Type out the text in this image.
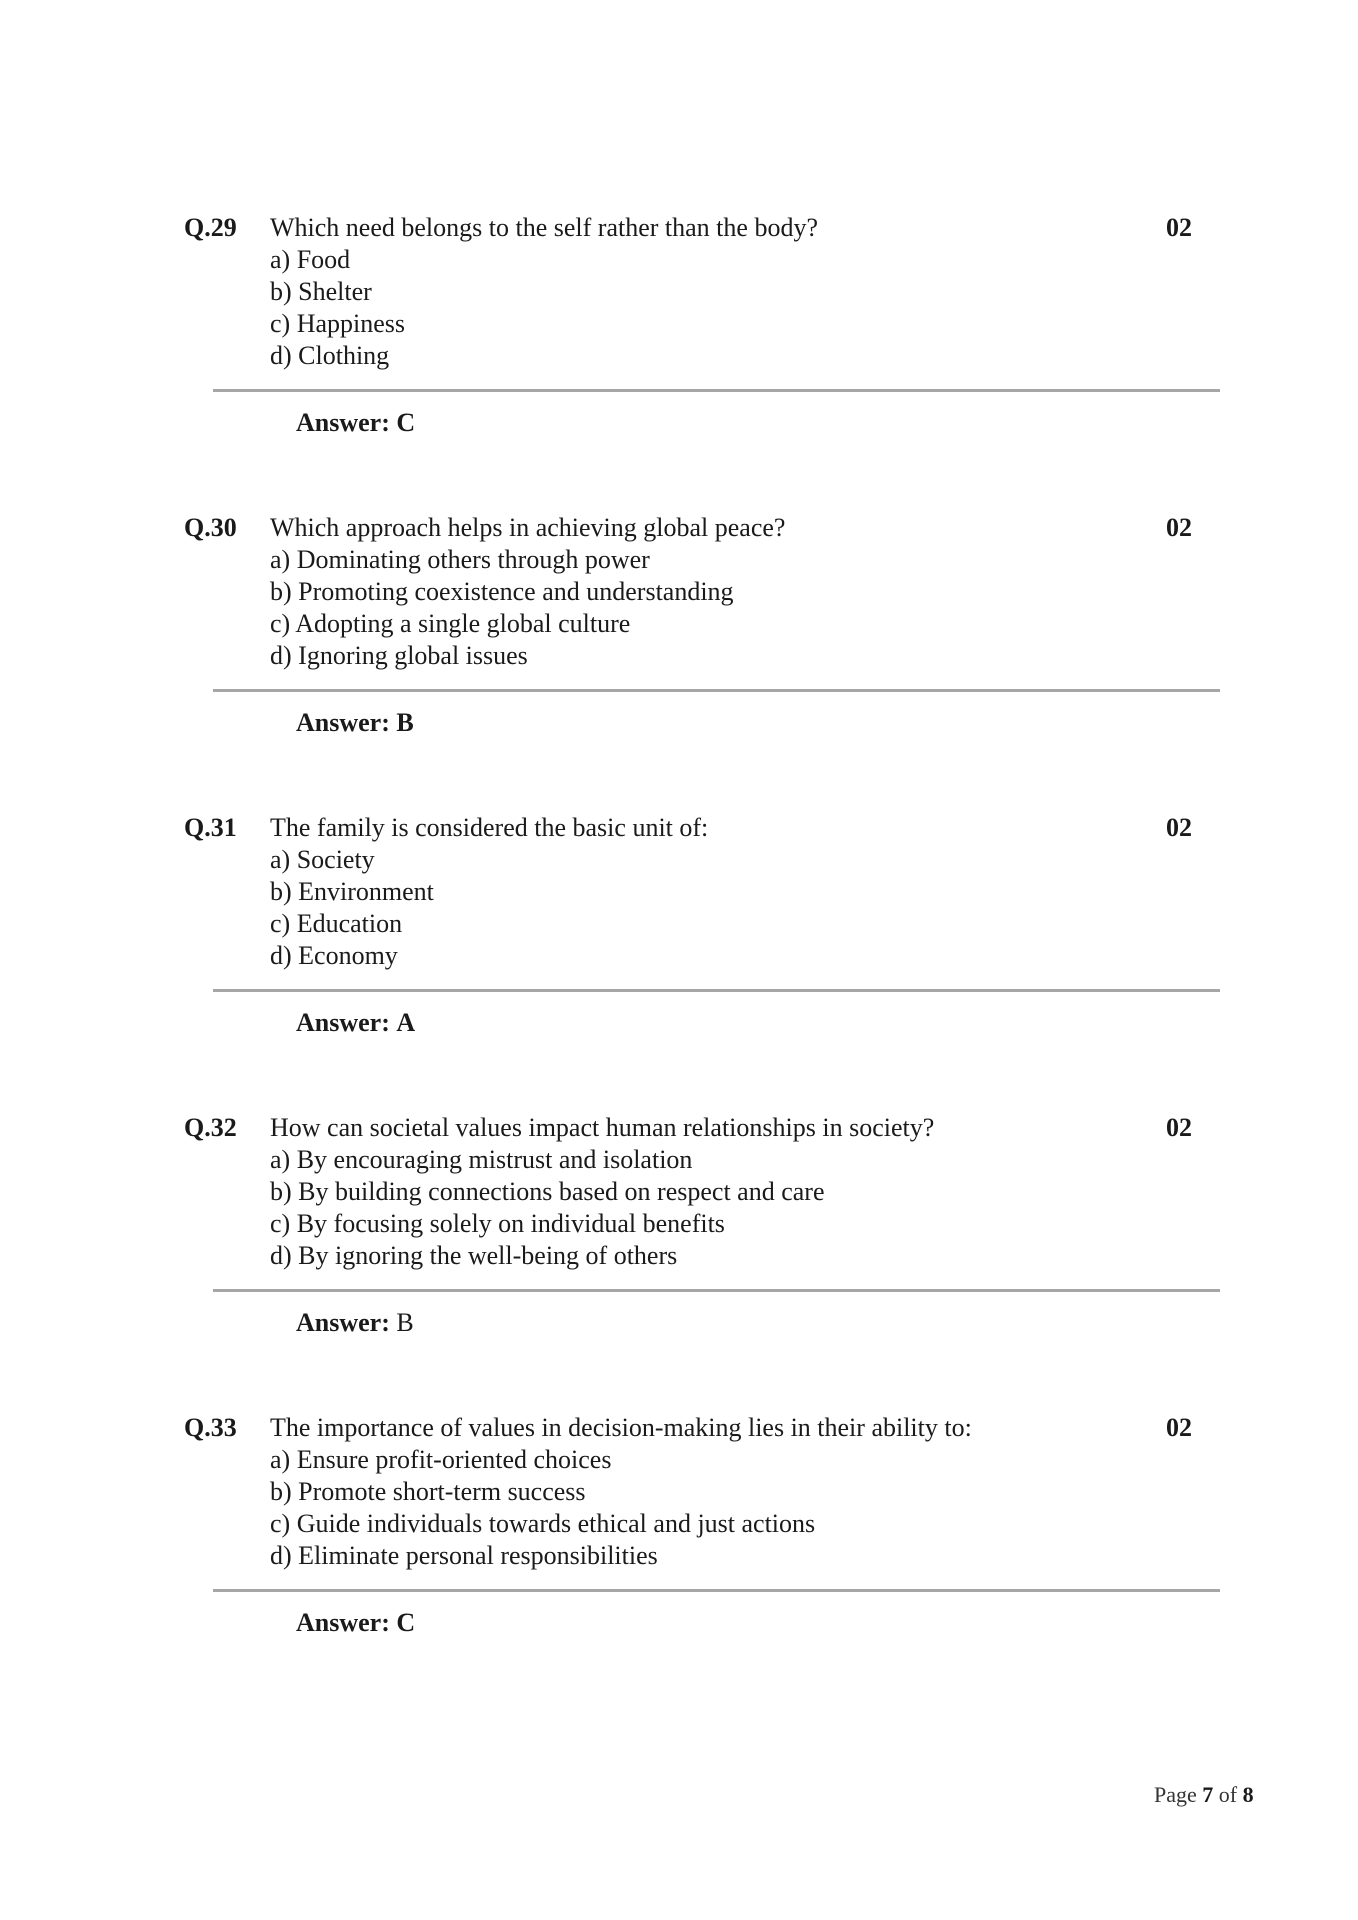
Q.29 Which need belongs to the self rather than the body?
a) Food
b) Shelter
c) Happiness
d) Clothing
02
Answer: C
Q.30 Which approach helps in achieving global peace?
a) Dominating others through power
b) Promoting coexistence and understanding
c) Adopting a single global culture
d) Ignoring global issues
02
Answer: B
Q.31 The family is considered the basic unit of:
a) Society
b) Environment
c) Education
d) Economy
02
Answer: A
Q.32 How can societal values impact human relationships in society?
a) By encouraging mistrust and isolation
b) By building connections based on respect and care
c) By focusing solely on individual benefits
d) By ignoring the well-being of others
02
Answer: B
Q.33 The importance of values in decision-making lies in their ability to:
a) Ensure profit-oriented choices
b) Promote short-term success
c) Guide individuals towards ethical and just actions
d) Eliminate personal responsibilities
02
Answer: C
Page 7 of 8
